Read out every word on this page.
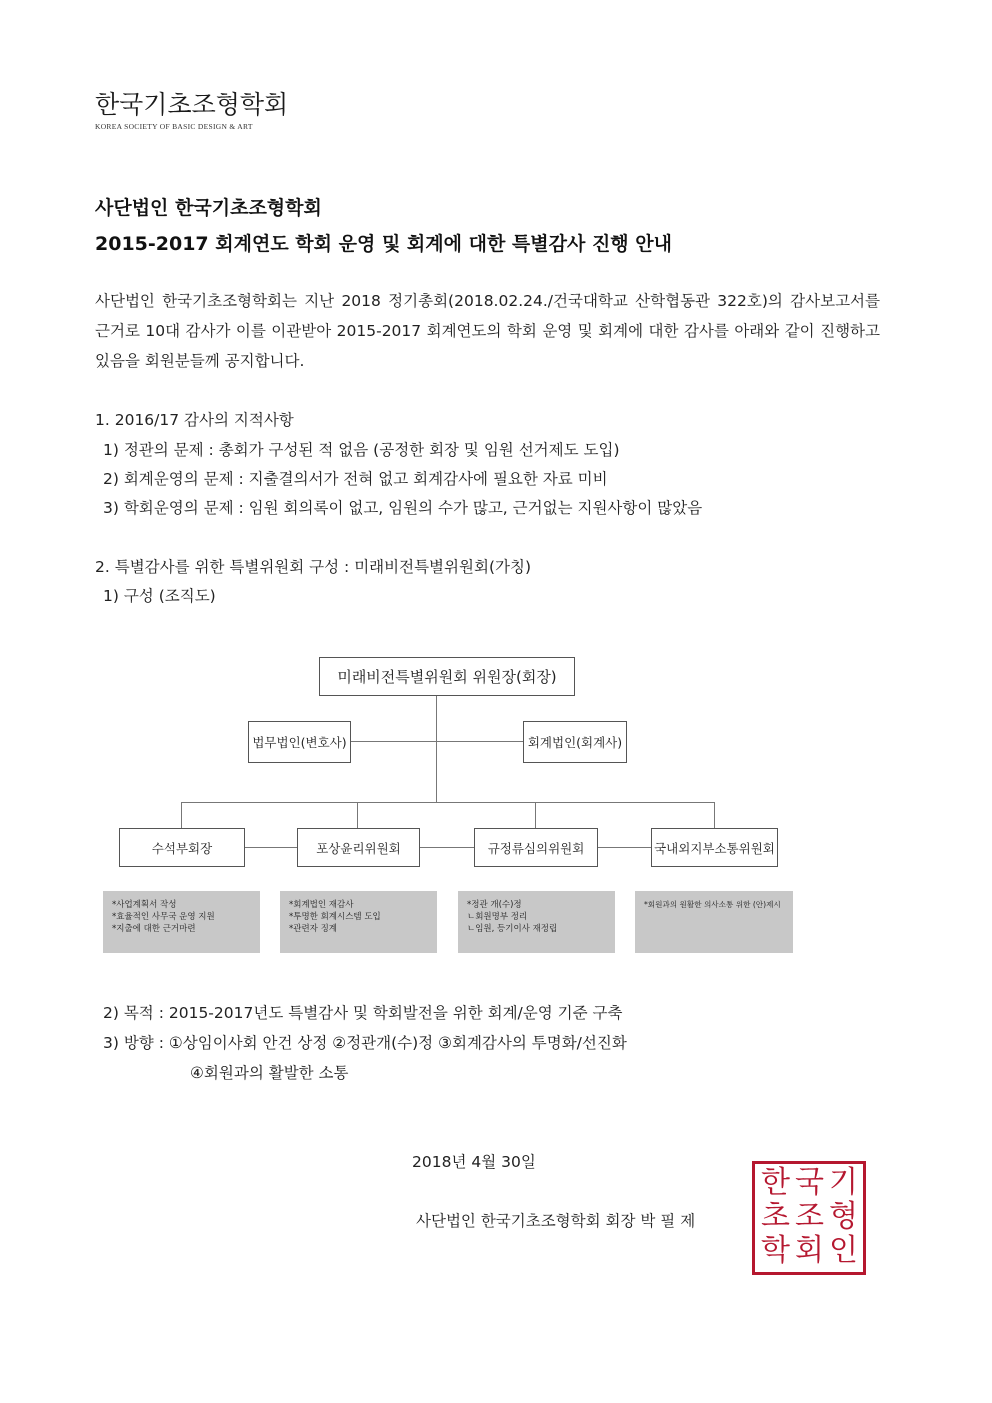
한국기초조형학회
KOREA SOCIETY OF BASIC DESIGN & ART
사단법인 한국기초조형학회
2015-2017 회계연도 학회 운영 및 회계에 대한 특별감사 진행 안내
사단법인 한국기초조형학회는 지난 2018 정기총회(2018.02.24./건국대학교 산학협동관 322호)의 감사보고서를 근거로 10대 감사가 이를 이관받아 2015-2017 회계연도의 학회 운영 및 회계에 대한 감사를 아래와 같이 진행하고 있음을 회원분들께 공지합니다.
1. 2016/17 감사의 지적사항
1) 정관의 문제 : 총회가 구성된 적 없음 (공정한 회장 및 임원 선거제도 도입)
2) 회계운영의 문제 : 지출결의서가 전혀 없고 회계감사에 필요한 자료 미비
3) 학회운영의 문제 : 임원 회의록이 없고, 임원의 수가 많고, 근거없는 지원사항이 많았음
2. 특별감사를 위한 특별위원회 구성 : 미래비전특별위원회(가칭)
1) 구성 (조직도)
미래비전특별위원회 위원장(회장)
법무법인(변호사)	회계법인(회계사)
수석부회장	포상윤리위원회	규정류심의위원회	국내외지부소통위원회
*사업계획서 작성
*효율적인 사무국 운영 지원
*지출에 대한 근거마련
*회계법인 재감사
*투명한 회계시스템 도입
*관련자 징계
*정관 개(수)정
ㄴ회원명부 정리
ㄴ임원, 등기이사 재정립
*회원과의 원활한 의사소통 위한 (안)제시
2) 목적 : 2015-2017년도 특별감사 및 학회발전을 위한 회계/운영 기준 구축
3) 방향 : ①상임이사회 안건 상정 ②정관개(수)정 ③회계감사의 투명화/선진화
④회원과의 활발한 소통
2018년 4월 30일
사단법인 한국기초조형학회 회장 박 필 제
한 국 기
초 조 형
학 회 인
